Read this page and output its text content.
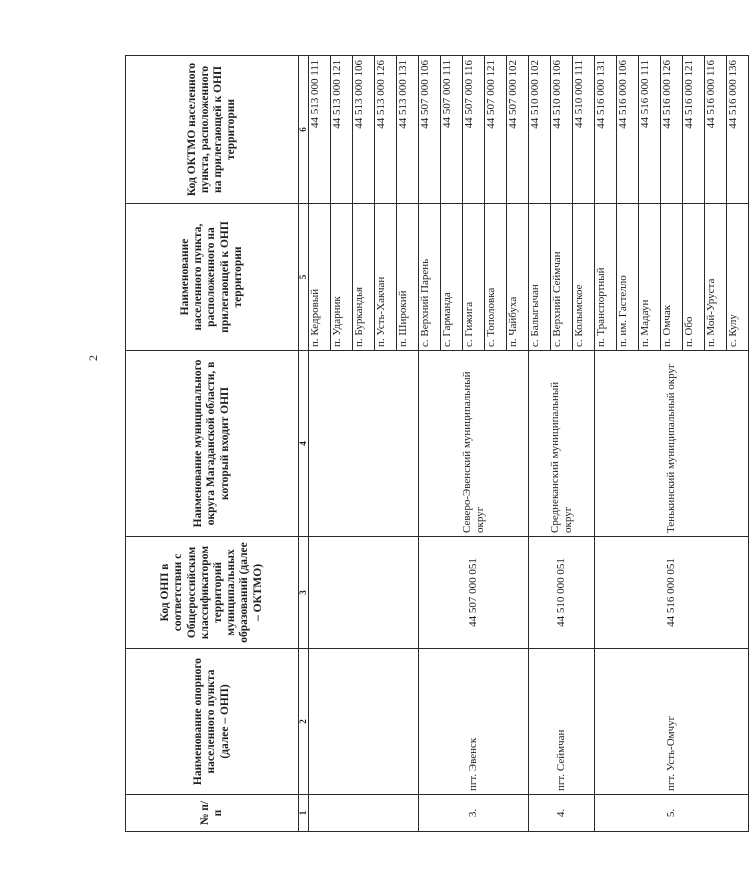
2
№ п/п	Наименование опорного населенного пункта (далее – ОНП)	Код ОНП в соответствии с Общероссийским классификатором территорий муниципальных образований (далее – ОКТМО)	Наименование муниципального округа Магаданской области, в который входит ОНП	Наименование населенного пункта, расположенного на прилегающей к ОНП территории	Код ОКТМО населенного пункта, расположенного на прилегающей к ОНП территории
1	2	3	4	5	6
				п. Кедровый	44 513 000 111
				п. Ударник	44 513 000 121
				п. Буркандья	44 513 000 106
				п. Усть-Хакчан	44 513 000 126
				п. Широкий	44 513 000 131
3.	пгт. Эвенск	44 507 000 051	Северо-Эвенский муниципальный округ	с. Верхний Парень	44 507 000 106
				с. Гарманда	44 507 000 111
				с. Гижига	44 507 000 116
				с. Тополовка	44 507 000 121
				п. Чайбуха	44 507 000 102
4.	пгт. Сеймчан	44 510 000 051	Среднеканский муниципальный округ	с. Балыгычан	44 510 000 102
				с. Верхний Сеймчан	44 510 000 106
				с. Колымское	44 510 000 111
5.	пгт. Усть-Омчуг	44 516 000 051	Тенькинский муниципальный округ	п. Транспортный	44 516 000 131
				п. им. Гастелло	44 516 000 106
				п. Мадаун	44 516 000 111
				п. Омчак	44 516 000 126
				п. Обо	44 516 000 121
				п. Мой-Уруста	44 516 000 116
				с. Кулу	44 516 000 136
